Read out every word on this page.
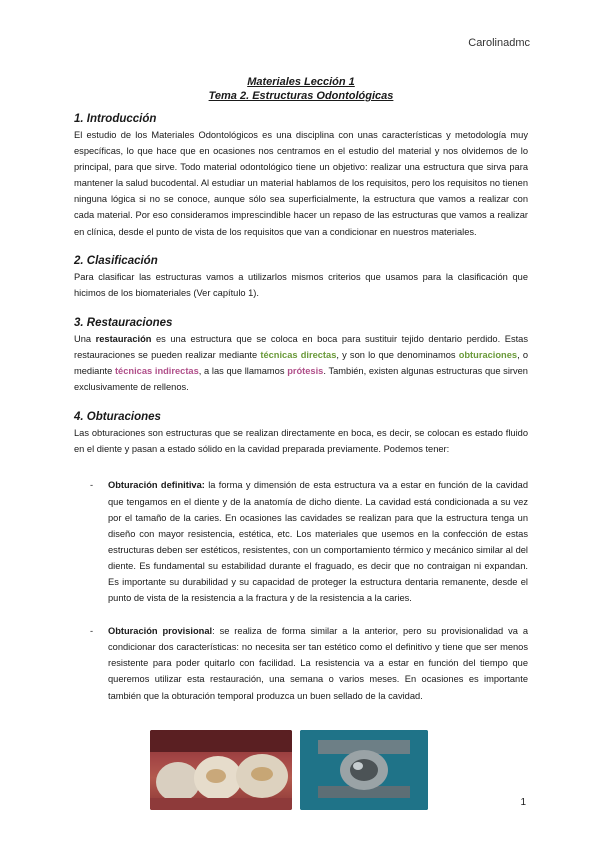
Carolinadmc
Materiales Lección 1
Tema 2. Estructuras Odontológicas
1. Introducción

El estudio de los Materiales Odontológicos es una disciplina con unas características y metodología muy específicas, lo que hace que en ocasiones nos centramos en el estudio del material y nos olvidemos de lo principal, para que sirve. Todo material odontológico tiene un objetivo: realizar una estructura que sirva para mantener la salud bucodental. Al estudiar un material hablamos de los requisitos, pero los requisitos no tienen ninguna lógica si no se conoce, aunque sólo sea superficialmente, la estructura que vamos a realizar con cada material. Por eso consideramos imprescindible hacer un repaso de las estructuras que vamos a realizar en clínica, desde el punto de vista de los requisitos que van a condicionar en nuestros materiales.

2. Clasificación

Para clasificar las estructuras vamos a utilizarlos mismos criterios que usamos para la clasificación que hicimos de los biomateriales (Ver capítulo 1).

3. Restauraciones

Una restauración es una estructura que se coloca en boca para sustituir tejido dentario perdido. Estas restauraciones se pueden realizar mediante técnicas directas, y son lo que denominamos obturaciones, o mediante técnicas indirectas, a las que llamamos prótesis. También, existen algunas estructuras que sirven exclusivamente de rellenos.

4. Obturaciones

Las obturaciones son estructuras que se realizan directamente en boca, es decir, se colocan es estado fluido en el diente y pasan a estado sólido en la cavidad preparada previamente. Podemos tener:

- Obturación definitiva: la forma y dimensión de esta estructura va a estar en función de la cavidad que tengamos en el diente y de la anatomía de dicho diente. La cavidad está condicionada a su vez por el tamaño de la caries. En ocasiones las cavidades se realizan para que la estructura tenga un diseño con mayor resistencia, estética, etc. Los materiales que usemos en la confección de estas estructuras deben ser estéticos, resistentes, con un comportamiento térmico y mecánico similar al del diente. Es fundamental su estabilidad durante el fraguado, es decir que no contraigan ni expandan. Es importante su durabilidad y su capacidad de proteger la estructura dentaria remanente, desde el punto de vista de la resistencia a la fractura y de la resistencia a la caries.

- Obturación provisional: se realiza de forma similar a la anterior, pero su provisionalidad va a condicionar dos características: no necesita ser tan estético como el definitivo y tiene que ser menos resistente para poder quitarlo con facilidad. La resistencia va a estar en función del tiempo que queremos utilizar esta restauración, una semana o varios meses. En ocasiones es importante también que la obturación temporal produzca un buen sellado de la cavidad.

1
